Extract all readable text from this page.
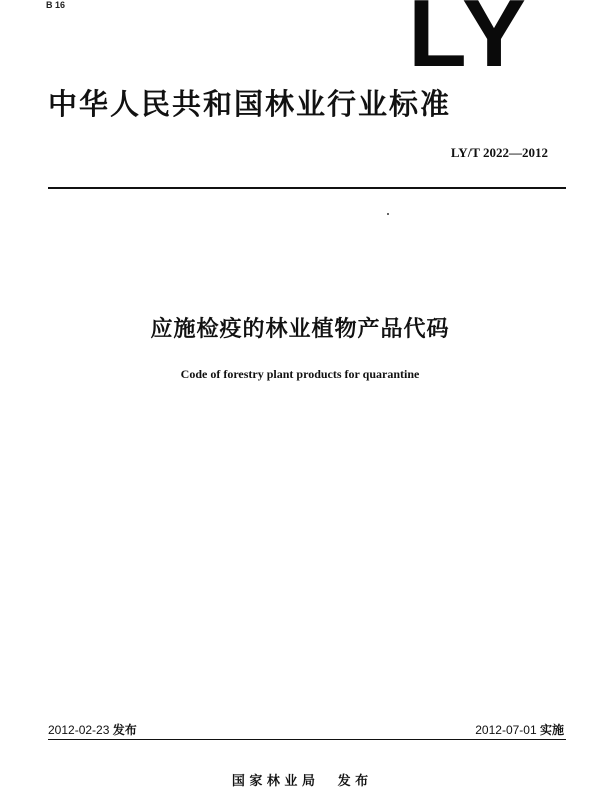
B 16	LY
中华人民共和国林业行业标准
LY/T 2022—2012
应施检疫的林业植物产品代码
Code of forestry plant products for quarantine
2012-02-23 发布	2012-07-01 实施
国 家 林 业 局 发 布
